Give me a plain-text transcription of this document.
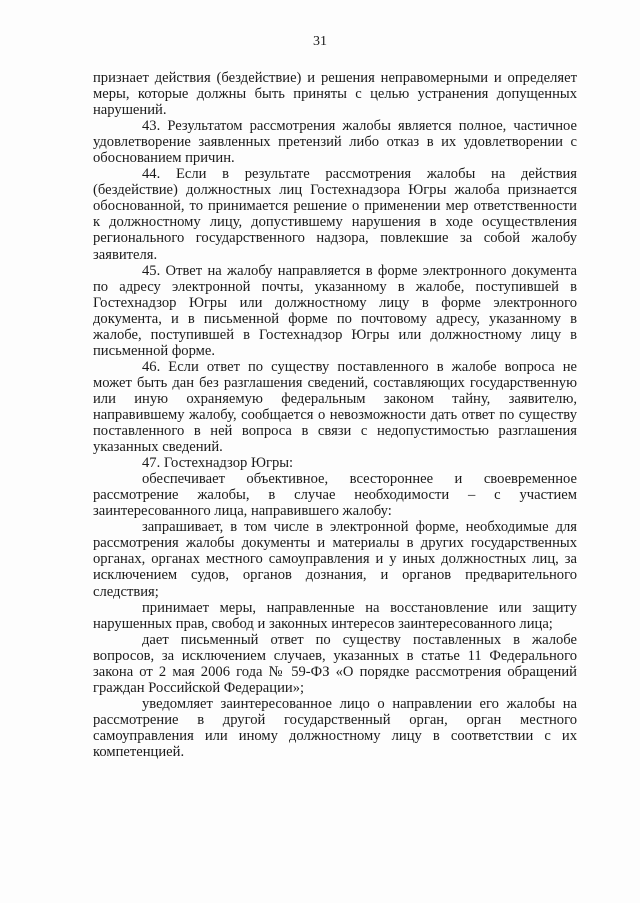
31

признает действия (бездействие) и решения неправомерными и определяет меры, которые должны быть приняты с целью устранения допущенных нарушений.

43. Результатом рассмотрения жалобы является полное, частичное удовлетворение заявленных претензий либо отказ в их удовлетворении с обоснованием причин.

44. Если в результате рассмотрения жалобы на действия (бездействие) должностных лиц Гостехнадзора Югры жалоба признается обоснованной, то принимается решение о применении мер ответственности к должностному лицу, допустившему нарушения в ходе осуществления регионального государственного надзора, повлекшие за собой жалобу заявителя.

45. Ответ на жалобу направляется в форме электронного документа по адресу электронной почты, указанному в жалобе, поступившей в Гостехнадзор Югры или должностному лицу в форме электронного документа, и в письменной форме по почтовому адресу, указанному в жалобе, поступившей в Гостехнадзор Югры или должностному лицу в письменной форме.

46. Если ответ по существу поставленного в жалобе вопроса не может быть дан без разглашения сведений, составляющих государственную или иную охраняемую федеральным законом тайну, заявителю, направившему жалобу, сообщается о невозможности дать ответ по существу поставленного в ней вопроса в связи с недопустимостью разглашения указанных сведений.

47. Гостехнадзор Югры:

обеспечивает объективное, всестороннее и своевременное рассмотрение жалобы, в случае необходимости – с участием заинтересованного лица, направившего жалобу:

запрашивает, в том числе в электронной форме, необходимые для рассмотрения жалобы документы и материалы в других государственных органах, органах местного самоуправления и у иных должностных лиц, за исключением судов, органов дознания, и органов предварительного следствия;

принимает меры, направленные на восстановление или защиту нарушенных прав, свобод и законных интересов заинтересованного лица;

дает письменный ответ по существу поставленных в жалобе вопросов, за исключением случаев, указанных в статье 11 Федерального закона от 2 мая 2006 года № 59-ФЗ «О порядке рассмотрения обращений граждан Российской Федерации»;

уведомляет заинтересованное лицо о направлении его жалобы на рассмотрение в другой государственный орган, орган местного самоуправления или иному должностному лицу в соответствии с их компетенцией.
